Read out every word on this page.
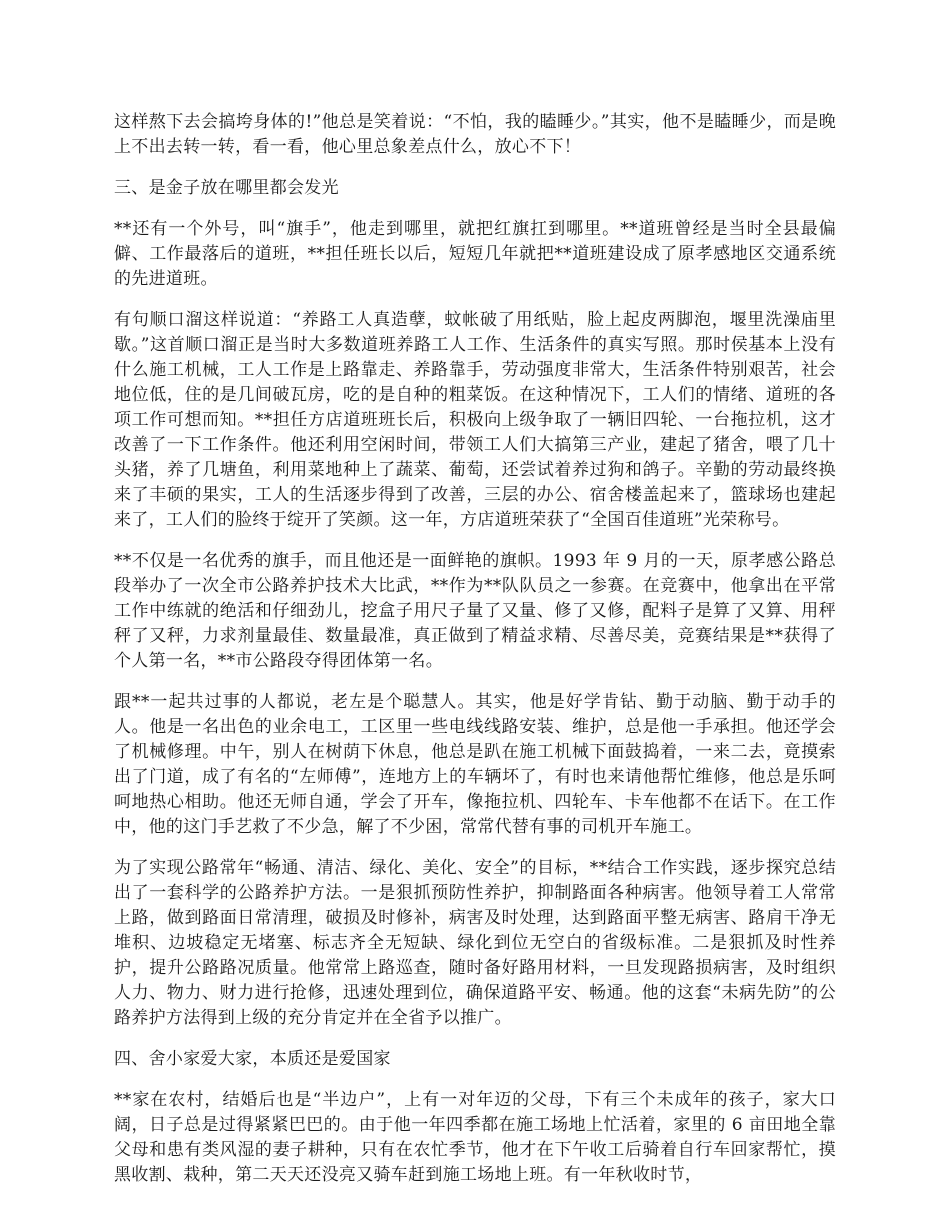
这样熬下去会搞垮身体的!”他总是笑着说：“不怕，我的瞌睡少。”其实，他不是瞌睡少，而是晚上不出去转一转，看一看，他心里总象差点什么，放心不下！

三、是金子放在哪里都会发光

**还有一个外号，叫“旗手”，他走到哪里，就把红旗扛到哪里。**道班曾经是当时全县最偏僻、工作最落后的道班，**担任班长以后，短短几年就把**道班建设成了原孝感地区交通系统的先进道班。

有句顺口溜这样说道：“养路工人真造孽，蚊帐破了用纸贴，脸上起皮两脚泡，堰里洗澡庙里歇。”这首顺口溜正是当时大多数道班养路工人工作、生活条件的真实写照。那时侯基本上没有什么施工机械，工人工作是上路靠走、养路靠手，劳动强度非常大，生活条件特别艰苦，社会地位低，住的是几间破瓦房，吃的是自种的粗菜饭。在这种情况下，工人们的情绪、道班的各项工作可想而知。**担任方店道班班长后，积极向上级争取了一辆旧四轮、一台拖拉机，这才改善了一下工作条件。他还利用空闲时间，带领工人们大搞第三产业，建起了猪舍，喂了几十头猪，养了几塘鱼，利用菜地种上了蔬菜、葡萄，还尝试着养过狗和鸽子。辛勤的劳动最终换来了丰硕的果实，工人的生活逐步得到了改善，三层的办公、宿舍楼盖起来了，篮球场也建起来了，工人们的脸终于绽开了笑颜。这一年，方店道班荣获了“全国百佳道班”光荣称号。

**不仅是一名优秀的旗手，而且他还是一面鲜艳的旗帜。1993 年 9 月的一天，原孝感公路总段举办了一次全市公路养护技术大比武，**作为**队队员之一参赛。在竞赛中，他拿出在平常工作中练就的绝活和仔细劲儿，挖盒子用尺子量了又量、修了又修，配料子是算了又算、用秤秤了又秤，力求剂量最佳、数量最准，真正做到了精益求精、尽善尽美，竞赛结果是**获得了个人第一名，**市公路段夺得团体第一名。

跟**一起共过事的人都说，老左是个聪慧人。其实，他是好学肯钻、勤于动脑、勤于动手的人。他是一名出色的业余电工，工区里一些电线线路安装、维护，总是他一手承担。他还学会了机械修理。中午，别人在树荫下休息，他总是趴在施工机械下面鼓捣着，一来二去，竟摸索出了门道，成了有名的“左师傅”，连地方上的车辆坏了，有时也来请他帮忙维修，他总是乐呵呵地热心相助。他还无师自通，学会了开车，像拖拉机、四轮车、卡车他都不在话下。在工作中，他的这门手艺救了不少急，解了不少困，常常代替有事的司机开车施工。

为了实现公路常年“畅通、清洁、绿化、美化、安全”的目标，**结合工作实践，逐步探究总结出了一套科学的公路养护方法。一是狠抓预防性养护，抑制路面各种病害。他领导着工人常常上路，做到路面日常清理，破损及时修补，病害及时处理，达到路面平整无病害、路肩干净无堆积、边坡稳定无堵塞、标志齐全无短缺、绿化到位无空白的省级标准。二是狠抓及时性养护，提升公路路况质量。他常常上路巡查，随时备好路用材料，一旦发现路损病害，及时组织人力、物力、财力进行抢修，迅速处理到位，确保道路平安、畅通。他的这套“未病先防”的公路养护方法得到上级的充分肯定并在全省予以推广。

四、舍小家爱大家，本质还是爱国家

**家在农村，结婚后也是“半边户”，上有一对年迈的父母，下有三个未成年的孩子，家大口阔，日子总是过得紧紧巴巴的。由于他一年四季都在施工场地上忙活着，家里的 6 亩田地全靠父母和患有类风湿的妻子耕种，只有在农忙季节，他才在下午收工后骑着自行车回家帮忙，摸黑收割、栽种，第二天天还没亮又骑车赶到施工场地上班。有一年秋收时节，
